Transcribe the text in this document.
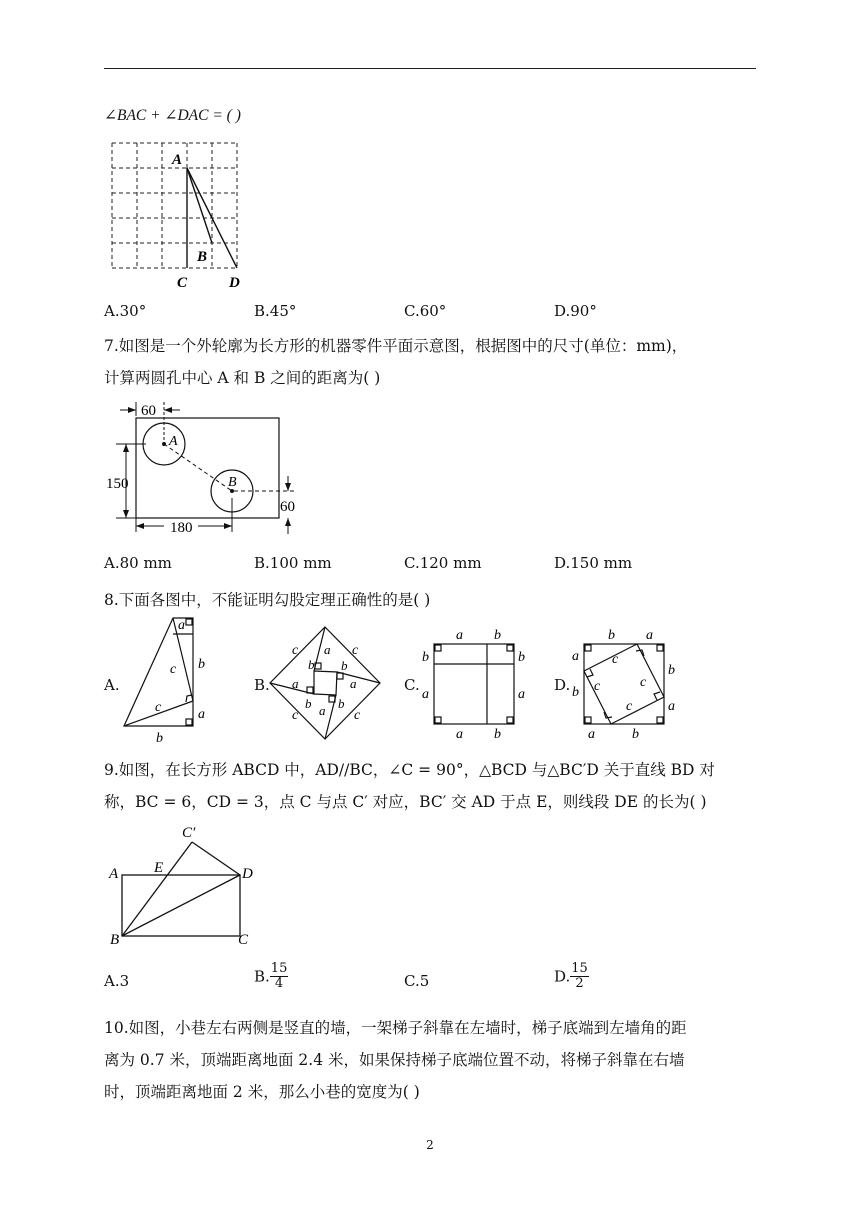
∠BAC + ∠DAC = ( )
A
B
C	D
A.30°	B.45°	C.60°	D.90°
7.如图是一个外轮廓为长方形的机器零件平面示意图，根据图中的尺寸(单位：mm)，
计算两圆孔中心 A 和 B 之间的距离为( )
60
150
180
60
A
B
A.80 mm	B.100 mm	C.120 mm	D.150 mm
8.下面各图中，不能证明勾股定理正确性的是( )
A.
a
b
c
c	a
b
B.
c	c
c	c
b
a
b
a
a
b a b
C.
a b
b	b
a	a
a b
D.
b a
a
b
b
a
a	b
c
c
c
c
9.如图，在长方形 ABCD 中，AD//BC，∠C = 90°，△BCD 与△BC′D 关于直线 BD 对
称，BC = 6，CD = 3，点 C 与点 C′ 对应，BC′ 交 AD 于点 E，则线段 DE 的长为( )
C′
A E	D
B	C
A.3	B. $\frac{15}{4}$	C.5	D. $\frac{15}{2}$
10.如图，小巷左右两侧是竖直的墙，一架梯子斜靠在左墙时，梯子底端到左墙角的距
离为 0.7 米，顶端距离地面 2.4 米，如果保持梯子底端位置不动，将梯子斜靠在右墙
时，顶端距离地面 2 米，那么小巷的宽度为( )
2
